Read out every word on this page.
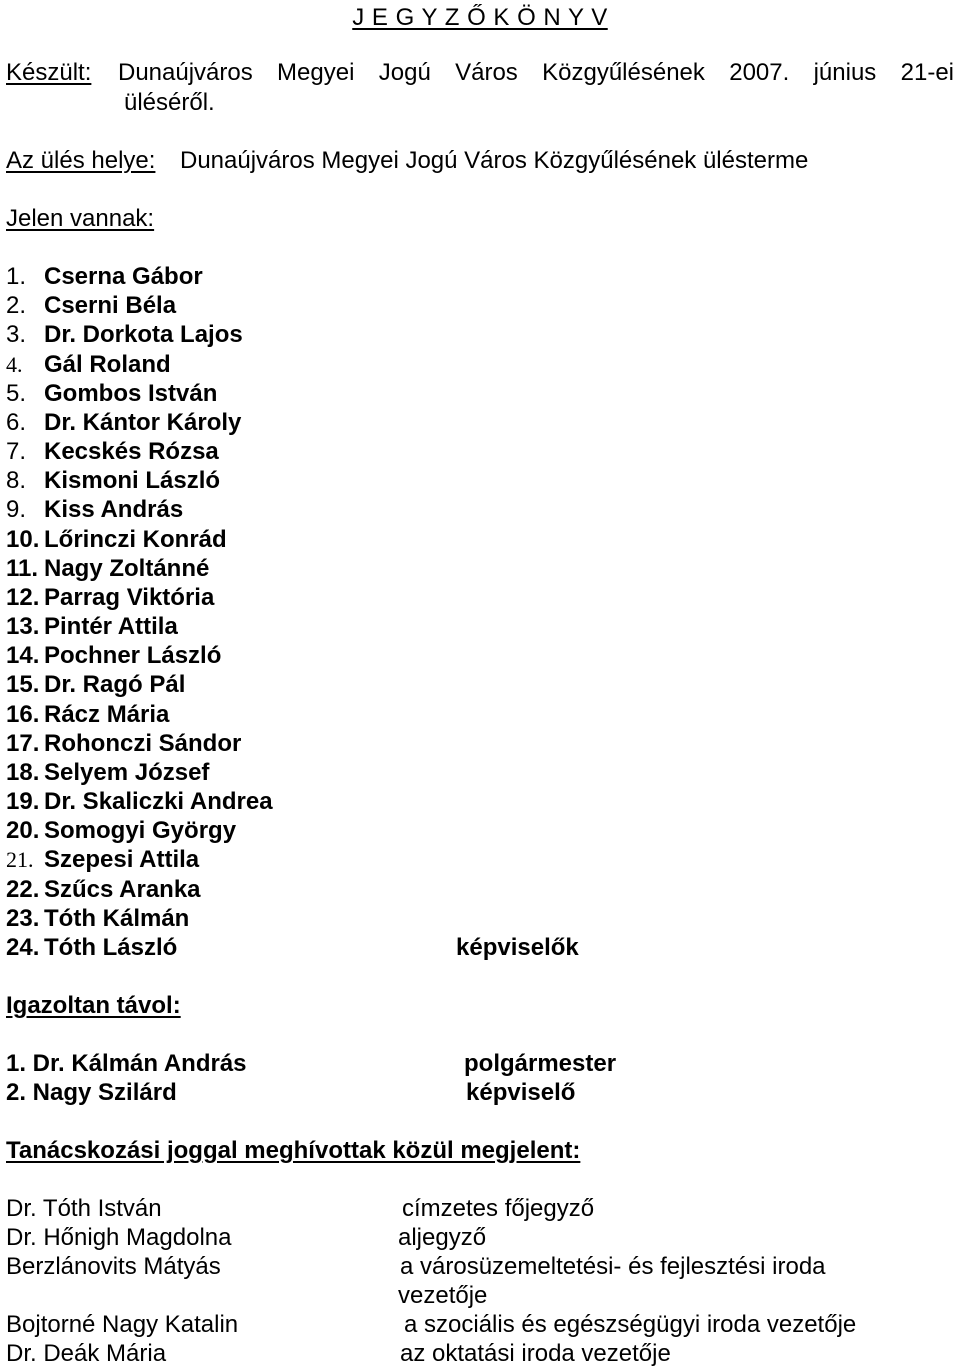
J E G Y Z Ő K Ö N Y V
Készült: Dunaújváros Megyei Jogú Város Közgyűlésének 2007. június 21-ei
üléséről.
Az ülés helye: Dunaújváros Megyei Jogú Város Közgyűlésének ülésterme
Jelen vannak:
1. Cserna Gábor
2. Cserni Béla
3. Dr. Dorkota Lajos
4. Gál Roland
5. Gombos István
6. Dr. Kántor Károly
7. Kecskés Rózsa
8. Kismoni László
9. Kiss András
10. Lőrinczi Konrád
11. Nagy Zoltánné
12. Parrag Viktória
13. Pintér Attila
14. Pochner László
15. Dr. Ragó Pál
16. Rácz Mária
17. Rohonczi Sándor
18. Selyem József
19. Dr. Skaliczki Andrea
20. Somogyi György
21. Szepesi Attila
22. Szűcs Aranka
23. Tóth Kálmán
24. Tóth László	képviselők
Igazoltan távol:
1. Dr. Kálmán András	polgármester
2. Nagy Szilárd	képviselő
Tanácskozási joggal meghívottak közül megjelent:
Dr. Tóth István	címzetes főjegyző
Dr. Hőnigh Magdolna	aljegyző
Berzlánovits Mátyás	a városüzemeltetési- és fejlesztési iroda
vezetője
Bojtorné Nagy Katalin	a szociális és egészségügyi iroda vezetője
Dr. Deák Mária	az oktatási iroda vezetője
